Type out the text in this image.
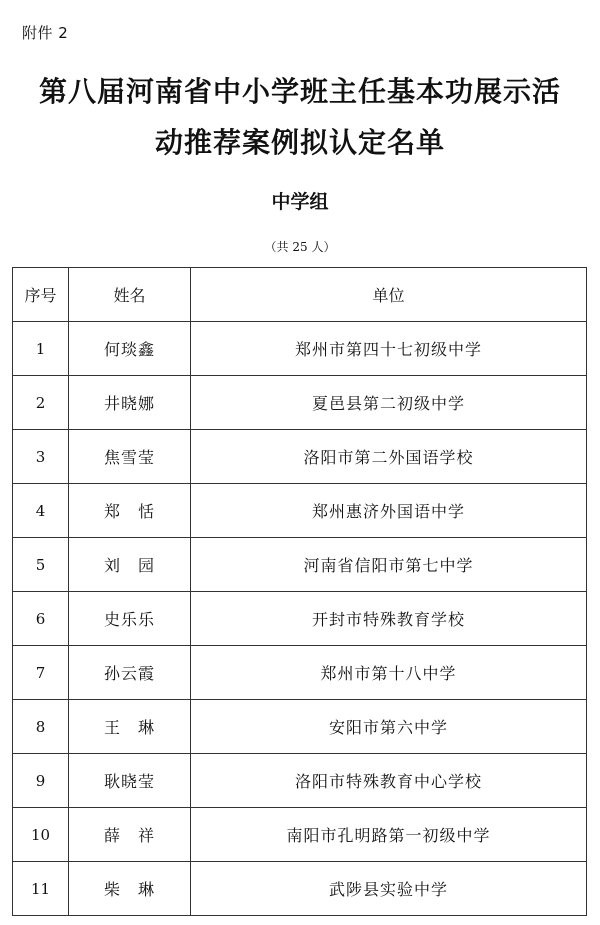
附件 2
第八届河南省中小学班主任基本功展示活
动推荐案例拟认定名单
中学组
（共 25 人）
序号	姓名	单位
1	何琰鑫	郑州市第四十七初级中学
2	井晓娜	夏邑县第二初级中学
3	焦雪莹	洛阳市第二外国语学校
4	郑　恬	郑州惠济外国语中学
5	刘　园	河南省信阳市第七中学
6	史乐乐	开封市特殊教育学校
7	孙云霞	郑州市第十八中学
8	王　琳	安阳市第六中学
9	耿晓莹	洛阳市特殊教育中心学校
10	薛　祥	南阳市孔明路第一初级中学
11	柴　琳	武陟县实验中学
